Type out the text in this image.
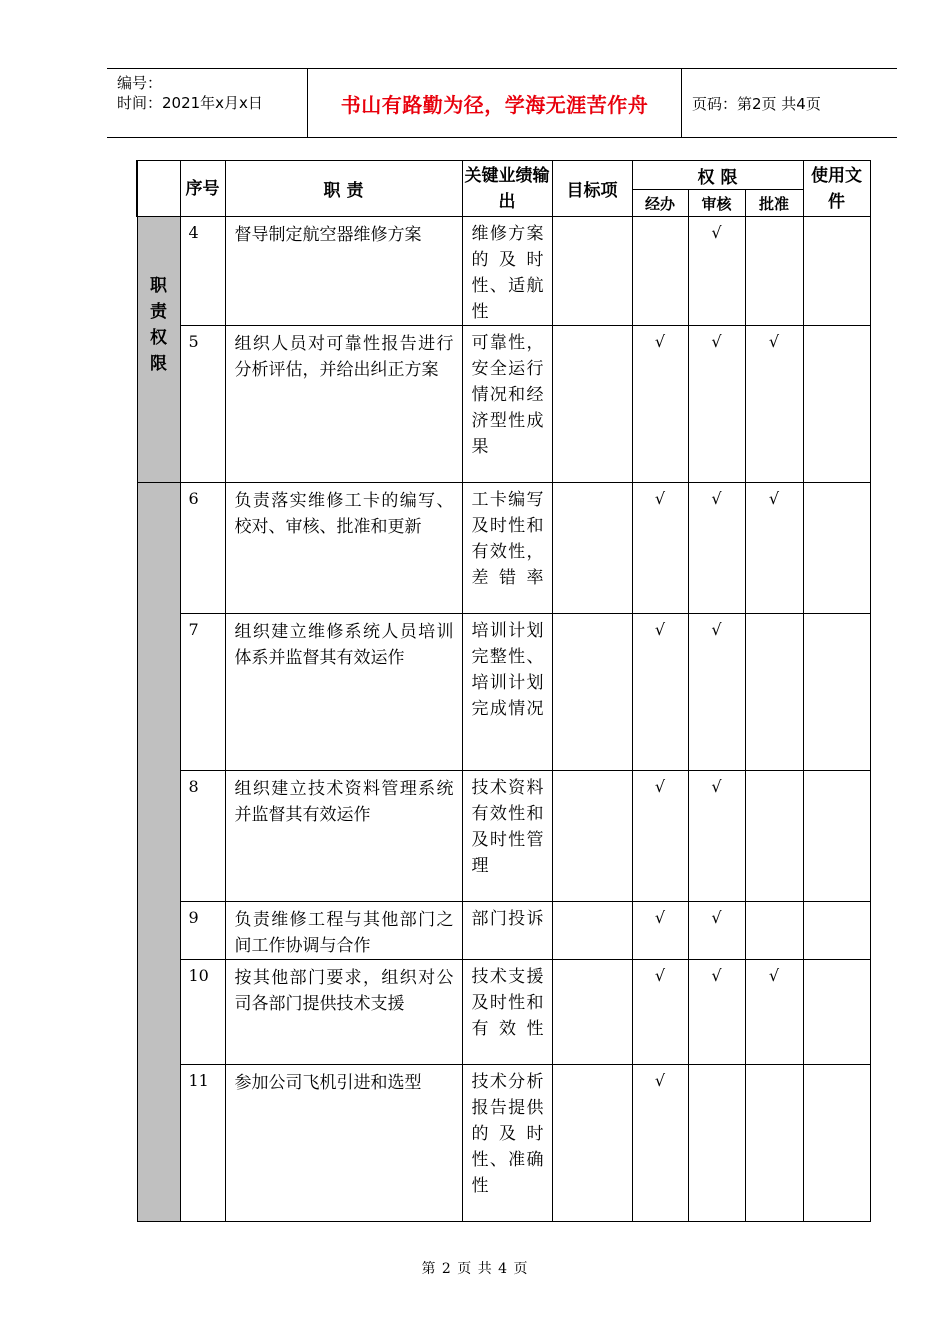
编号：
时间：2021年x月x日	书山有路勤为径，学海无涯苦作舟	页码：第2页 共4页
	序号	职 责	关键业绩输出	目标项	权 限			使用文件
					经办	审核	批准	

职责权限	4	督导制定航空器维修方案	维修方案的及时性、适航性			√		
	5	组织人员对可靠性报告进行分析评估，并给出纠正方案	可靠性，安全运行情况和经济型性成果		√	√	√	
	6	负责落实维修工卡的编写、校对、审核、批准和更新	工卡编写及时性和有效性，差错率		√	√	√	
	7	组织建立维修系统人员培训体系并监督其有效运作	培训计划完整性、培训计划完成情况		√	√		
	8	组织建立技术资料管理系统并监督其有效运作	技术资料有效性和及时性管理		√	√		
	9	负责维修工程与其他部门之间工作协调与合作	部门投诉		√	√		
	10	按其他部门要求，组织对公司各部门提供技术支援	技术支援及时性和有效性		√	√	√	
	11	参加公司飞机引进和选型	技术分析报告提供的及时性、准确性		√			
第 2 页 共 4 页
